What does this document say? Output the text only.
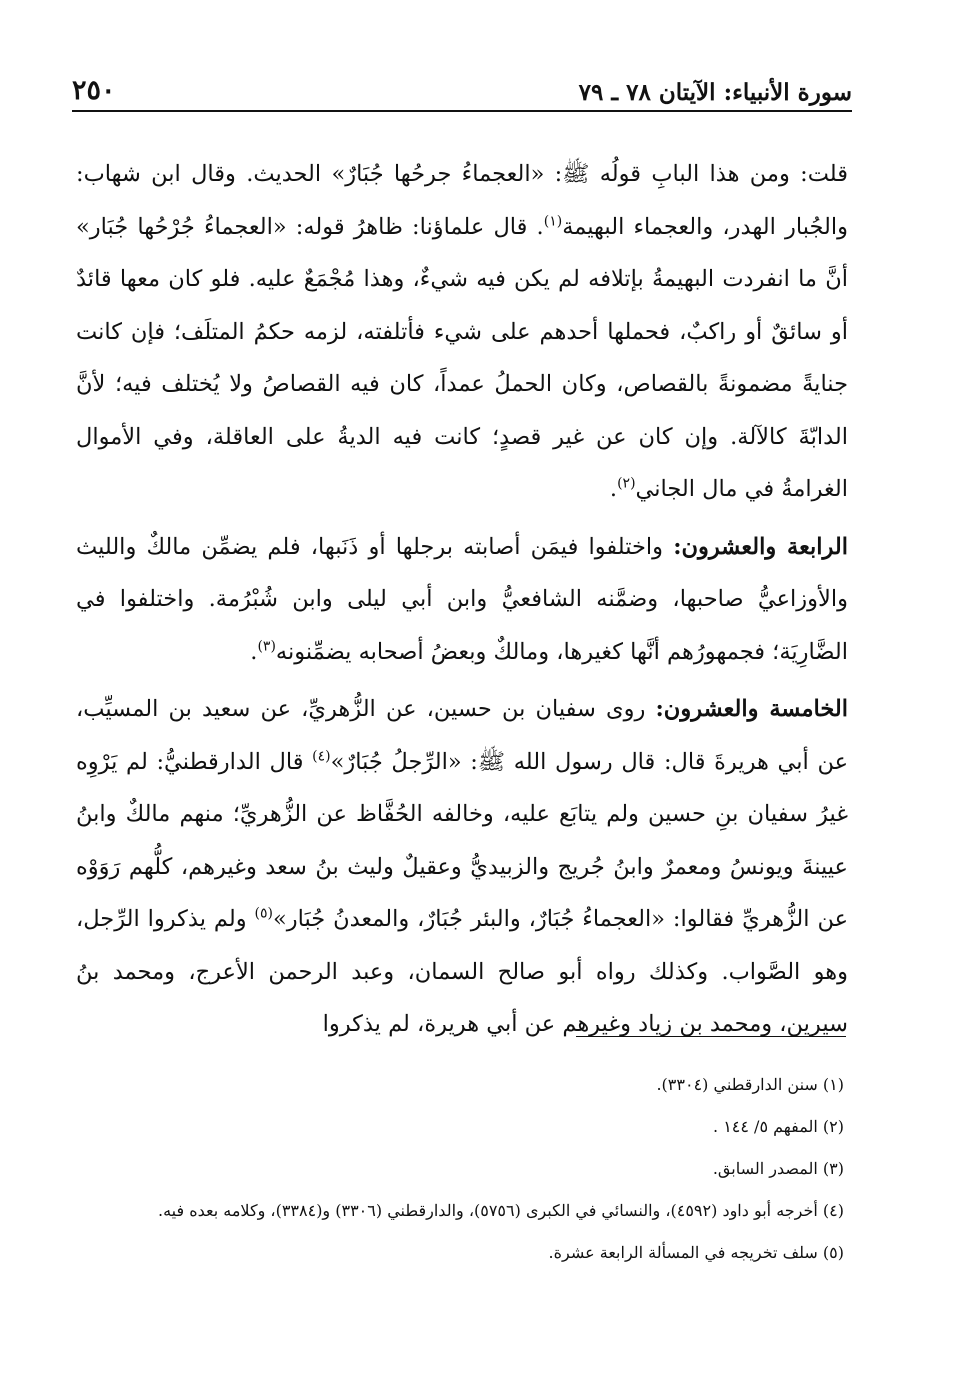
سورة الأنبياء: الآيتان ٧٨ ـ ٧٩
٢٥٠

قلت: ومن هذا البابِ قولُه ﷺ: «العجماءُ جرحُها جُبَارٌ» الحديث. وقال ابن شهاب: والجُبار الهدر، والعجماء البهيمة$^{(١)}$. قال علماؤنا: ظاهرُ قوله: «العجماءُ جُرْحُها جُبَار» أنَّ ما انفردت البهيمةُ بإتلافه لم يكن فيه شيءٌ، وهذا مُجْمَعٌ عليه. فلو كان معها قائدٌ أو سائقٌ أو راكبٌ، فحملها أحدهم على شيء فأتلفته، لزمه حكمُ المتلَف؛ فإن كانت جنايةً مضمونةً بالقصاص، وكان الحملُ عمداً، كان فيه القصاصُ ولا يُختلف فيه؛ لأنَّ الدابّةَ كالآلة. وإن كان عن غير قصدٍ؛ كانت فيه الديةُ على العاقلة، وفي الأموال الغرامةُ في مال الجاني$^{(٢)}$.

الرابعة والعشرون: واختلفوا فيمَن أصابته برجلها أو ذَنَبها، فلم يضمِّن مالكٌ والليث والأوزاعيُّ صاحبها، وضمَّنه الشافعيُّ وابن أبي ليلى وابن شُبْرُمة. واختلفوا في الضَّارِيَة؛ فجمهورُهم أنَّها كغيرها، ومالكٌ وبعضُ أصحابه يضمِّنونه$^{(٣)}$.

الخامسة والعشرون: روى سفيان بن حسين، عن الزُّهريِّ، عن سعيد بن المسيِّب، عن أبي هريرةَ قال: قال رسول الله ﷺ: «الرِّجلُ جُبَارٌ»$^{(٤)}$ قال الدارقطنيُّ: لم يَرْوِه غيرُ سفيان بنِ حسين ولم يتابَع عليه، وخالفه الحُفَّاظ عن الزُّهريِّ؛ منهم مالكٌ وابنُ عيينةَ ويونسُ ومعمرٌ وابنُ جُريج والزبيديُّ وعقيلٌ وليث بنُ سعد وغيرهم، كلُّهم رَوَوْه عن الزُّهريِّ فقالوا: «العجماءُ جُبَارٌ، والبئر جُبَارٌ، والمعدنُ جُبَار»$^{(٥)}$ ولم يذكروا الرِّجل، وهو الصَّواب. وكذلك رواه أبو صالح السمان، وعبد الرحمن الأعرج، ومحمد بنُ سيرين، ومحمد بن زياد وغيرهم عن أبي هريرة، لم يذكروا

(١) سنن الدارقطني (٣٣٠٤).

(٢) المفهم ٥/ ١٤٤ .

(٣) المصدر السابق.

(٤) أخرجه أبو داود (٤٥٩٢)، والنسائي في الكبرى (٥٧٥٦)، والدارقطني (٣٣٠٦) و(٣٣٨٤)، وكلامه بعده فيه.

(٥) سلف تخريجه في المسألة الرابعة عشرة.
